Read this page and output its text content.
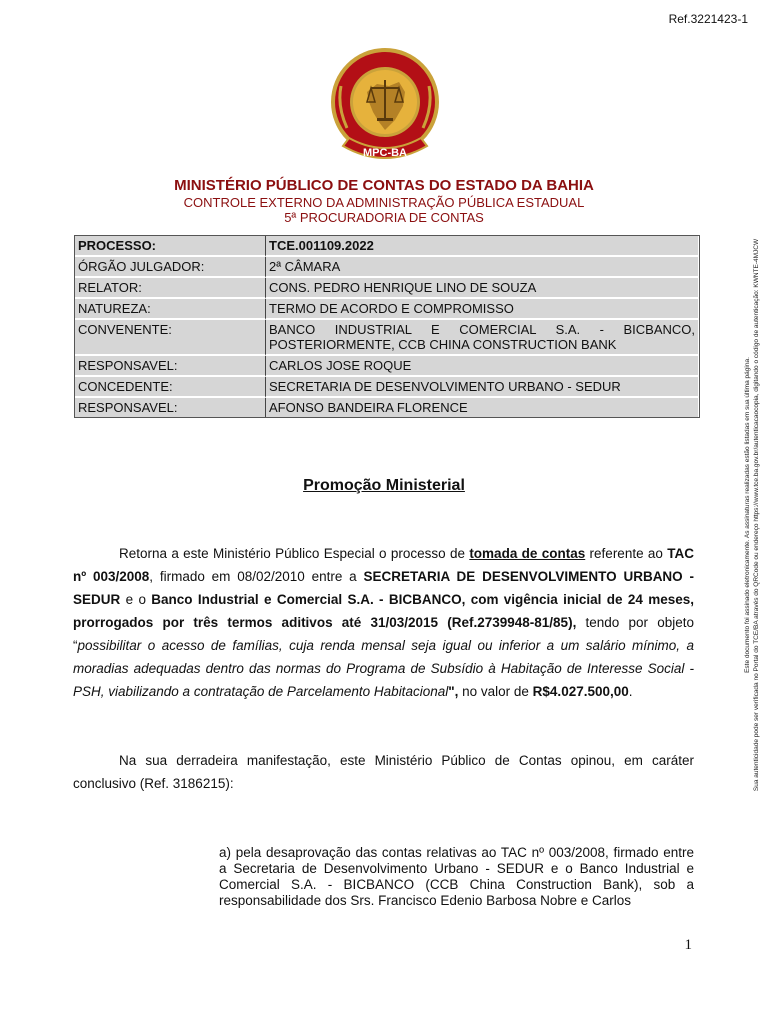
Ref.3221423-1
MPC-BA
MINISTÉRIO PÚBLICO DE CONTAS DO ESTADO DA BAHIA
CONTROLE EXTERNO DA ADMINISTRAÇÃO PÚBLICA ESTADUAL
5ª PROCURADORIA DE CONTAS
PROCESSO:	TCE.001109.2022
ÓRGÃO JULGADOR:	2ª CÂMARA
RELATOR:	CONS. PEDRO HENRIQUE LINO DE SOUZA
NATUREZA:	TERMO DE ACORDO E COMPROMISSO
CONVENENTE:	BANCO INDUSTRIAL E COMERCIAL S.A. - BICBANCO, POSTERIORMENTE, CCB CHINA CONSTRUCTION BANK
RESPONSAVEL:	CARLOS JOSE ROQUE
CONCEDENTE:	SECRETARIA DE DESENVOLVIMENTO URBANO - SEDUR
RESPONSAVEL:	AFONSO BANDEIRA FLORENCE
Promoção Ministerial
Retorna a este Ministério Público Especial o processo de tomada de contas referente ao TAC nº 003/2008, firmado em 08/02/2010 entre a SECRETARIA DE DESENVOLVIMENTO URBANO - SEDUR e o Banco Industrial e Comercial S.A. - BICBANCO, com vigência inicial de 24 meses, prorrogados por três termos aditivos até 31/03/2015 (Ref.2739948-81/85), tendo por objeto “possibilitar o acesso de famílias, cuja renda mensal seja igual ou inferior a um salário mínimo, a moradias adequadas dentro das normas do Programa de Subsídio à Habitação de Interesse Social - PSH, viabilizando a contratação de Parcelamento Habitacional", no valor de R$4.027.500,00.
Na sua derradeira manifestação, este Ministério Público de Contas opinou, em caráter conclusivo (Ref. 3186215):
a) pela desaprovação das contas relativas ao TAC nº 003/2008, firmado entre a Secretaria de Desenvolvimento Urbano - SEDUR e o Banco Industrial e Comercial S.A. - BICBANCO (CCB China Construction Bank), sob a responsabilidade dos Srs. Francisco Edenio Barbosa Nobre e Carlos
1
Este documento foi assinado eletronicamente. As assinaturas realizadas estão listadas em sua última página. Sua autenticidade pode ser verificada no Portal do TCE/BA através do QRCode ou endereço https://www.tce.ba.gov.br/autenticacaocopia, digitando o código de autenticação: KWNTE-4MJCW
